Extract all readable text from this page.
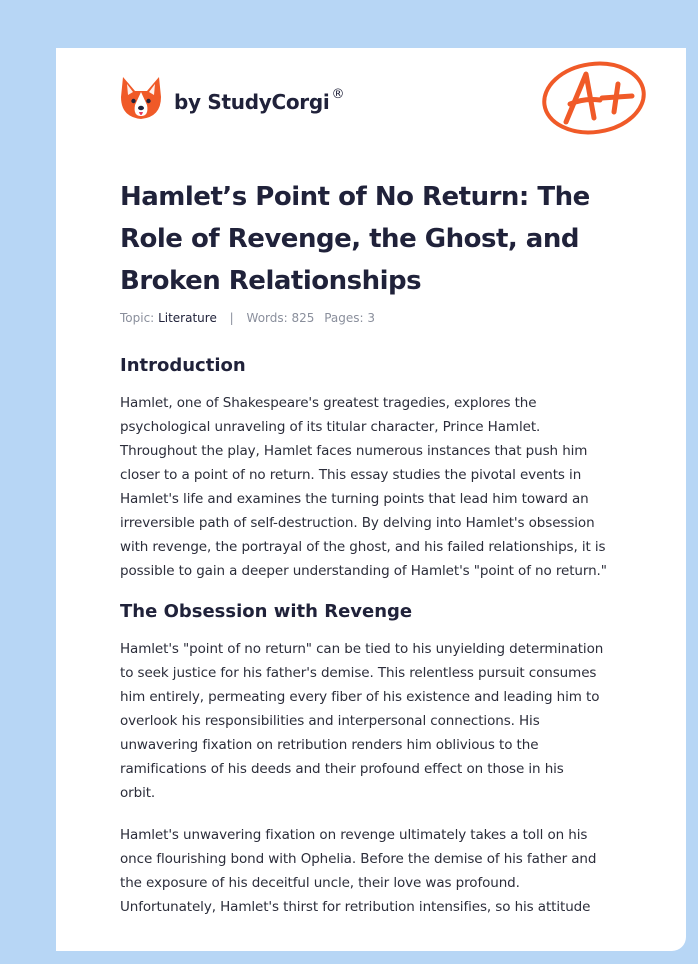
by StudyCorgi ®
Hamlet’s Point of No Return: The Role of Revenge, the Ghost, and Broken Relationships
Topic: Literature | Words: 825 Pages: 3
Introduction

Hamlet, one of Shakespeare's greatest tragedies, explores the
psychological unraveling of its titular character, Prince Hamlet.
Throughout the play, Hamlet faces numerous instances that push him
closer to a point of no return. This essay studies the pivotal events in
Hamlet's life and examines the turning points that lead him toward an
irreversible path of self-destruction. By delving into Hamlet's obsession
with revenge, the portrayal of the ghost, and his failed relationships, it is
possible to gain a deeper understanding of Hamlet's "point of no return."

The Obsession with Revenge

Hamlet's "point of no return" can be tied to his unyielding determination
to seek justice for his father's demise. This relentless pursuit consumes
him entirely, permeating every fiber of his existence and leading him to
overlook his responsibilities and interpersonal connections. His
unwavering fixation on retribution renders him oblivious to the
ramifications of his deeds and their profound effect on those in his
orbit.

Hamlet's unwavering fixation on revenge ultimately takes a toll on his
once flourishing bond with Ophelia. Before the demise of his father and
the exposure of his deceitful uncle, their love was profound.
Unfortunately, Hamlet's thirst for retribution intensifies, so his attitude
